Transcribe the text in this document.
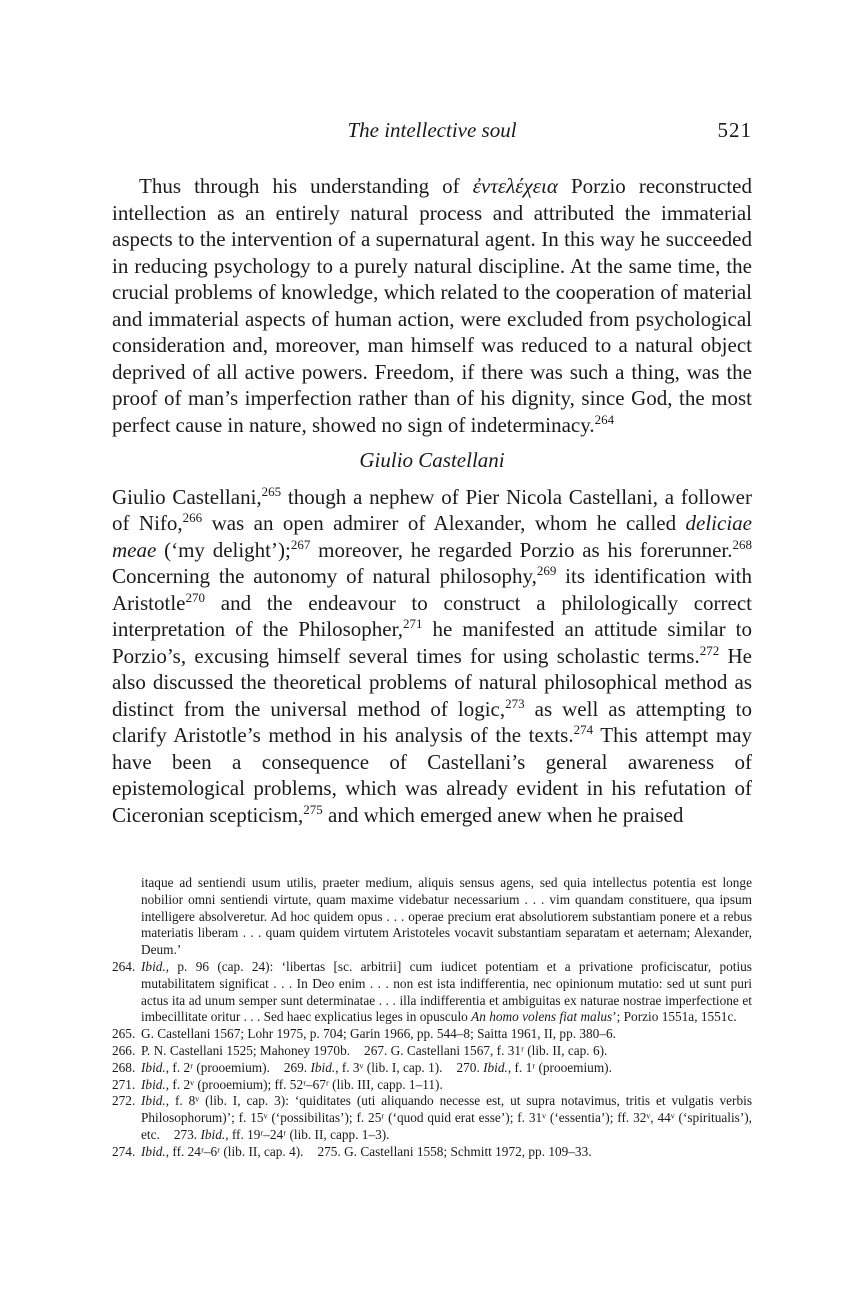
The intellective soul	521

Thus through his understanding of ἐντελέχεια Porzio reconstructed intellection as an entirely natural process and attributed the immaterial aspects to the intervention of a supernatural agent. In this way he succeeded in reducing psychology to a purely natural discipline. At the same time, the crucial problems of knowledge, which related to the cooperation of material and immaterial aspects of human action, were excluded from psychological consideration and, moreover, man himself was reduced to a natural object deprived of all active powers. Freedom, if there was such a thing, was the proof of man’s imperfection rather than of his dignity, since God, the most perfect cause in nature, showed no sign of indeterminacy.$^{264}$

Giulio Castellani

Giulio Castellani,$^{265}$ though a nephew of Pier Nicola Castellani, a follower of Nifo,$^{266}$ was an open admirer of Alexander, whom he called deliciae meae (‘my delight’);$^{267}$ moreover, he regarded Porzio as his forerunner.$^{268}$ Concerning the autonomy of natural philosophy,$^{269}$ its identification with Aristotle$^{270}$ and the endeavour to construct a philologically correct interpretation of the Philosopher,$^{271}$ he manifested an attitude similar to Porzio’s, excusing himself several times for using scholastic terms.$^{272}$ He also discussed the theoretical problems of natural philosophical method as distinct from the universal method of logic,$^{273}$ as well as attempting to clarify Aristotle’s method in his analysis of the texts.$^{274}$ This attempt may have been a consequence of Castellani’s general awareness of epistemological problems, which was already evident in his refutation of Ciceronian scepticism,$^{275}$ and which emerged anew when he praised

itaque ad sentiendi usum utilis, praeter medium, aliquis sensus agens, sed quia intellectus potentia est longe nobilior omni sentiendi virtute, quam maxime videbatur necessarium . . . vim quandam constituere, qua ipsum intelligere absolveretur. Ad hoc quidem opus . . . operae precium erat absolutiorem substantiam ponere et a rebus materiatis liberam . . . quam quidem virtutem Aristoteles vocavit substantiam separatam et aeternam; Alexander, Deum.’

264. Ibid., p. 96 (cap. 24): ‘libertas [sc. arbitrii] cum iudicet potentiam et a privatione proficiscatur, potius mutabilitatem significat . . . In Deo enim . . . non est ista indifferentia, nec opinionum mutatio: sed ut sunt puri actus ita ad unum semper sunt determinatae . . . illa indifferentia et ambiguitas ex naturae nostrae imperfectione et imbecillitate oritur . . . Sed haec explicatius leges in opusculo An homo volens fiat malus’; Porzio 1551a, 1551c.

265. G. Castellani 1567; Lohr 1975, p. 704; Garin 1966, pp. 544–8; Saitta 1961, II, pp. 380–6.

266. P. N. Castellani 1525; Mahoney 1970b. 267. G. Castellani 1567, f. 31ʳ (lib. II, cap. 6).

268. Ibid., f. 2ʳ (prooemium). 269. Ibid., f. 3ᵛ (lib. I, cap. 1). 270. Ibid., f. 1ʳ (prooemium).

271. Ibid., f. 2ᵛ (prooemium); ff. 52ʳ–67ʳ (lib. III, capp. 1–11).

272. Ibid., f. 8ᵛ (lib. I, cap. 3): ‘quiditates (uti aliquando necesse est, ut supra notavimus, tritis et vulgatis verbis Philosophorum)’; f. 15ᵛ (‘possibilitas’); f. 25ʳ (‘quod quid erat esse’); f. 31ᵛ (‘essentia’); ff. 32ᵛ, 44ᵛ (‘spiritualis’), etc. 273. Ibid., ff. 19ʳ–24ʳ (lib. II, capp. 1–3).

274. Ibid., ff. 24ʳ–6ʳ (lib. II, cap. 4). 275. G. Castellani 1558; Schmitt 1972, pp. 109–33.
